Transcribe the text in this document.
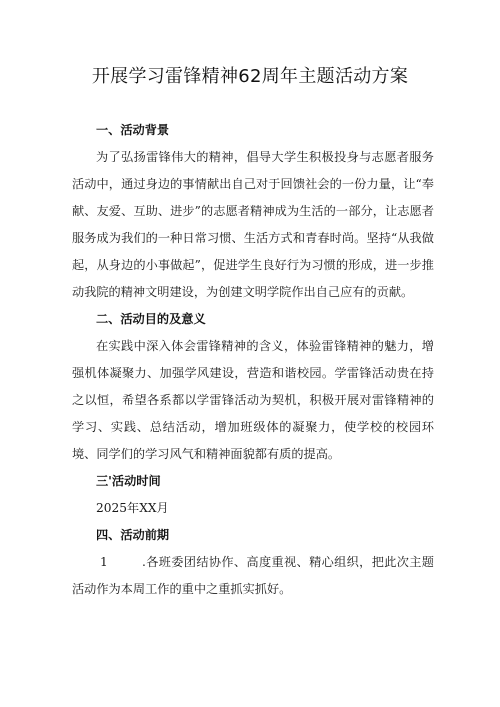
开展学习雷锋精神62周年主题活动方案

一、活动背景

为了弘扬雷锋伟大的精神，倡导大学生积极投身与志愿者服务活动中，通过身边的事情献出自己对于回馈社会的一份力量，让“奉献、友爱、互助、进步”的志愿者精神成为生活的一部分，让志愿者服务成为我们的一种日常习惯、生活方式和青春时尚。坚持“从我做起，从身边的小事做起”，促进学生良好行为习惯的形成，进一步推动我院的精神文明建设，为创建文明学院作出自己应有的贡献。

二、活动目的及意义

在实践中深入体会雷锋精神的含义，体验雷锋精神的魅力，增强机体凝聚力、加强学风建设，营造和谐校园。学雷锋活动贵在持之以恒，希望各系都以学雷锋活动为契机，积极开展对雷锋精神的学习、实践、总结活动，增加班级体的凝聚力，使学校的校园环境、同学们的学习风气和精神面貌都有质的提高。

三'活动时间

2025年XX月

四、活动前期

1	.各班委团结协作、高度重视、精心组织，把此次主题活动作为本周工作的重中之重抓实抓好。
